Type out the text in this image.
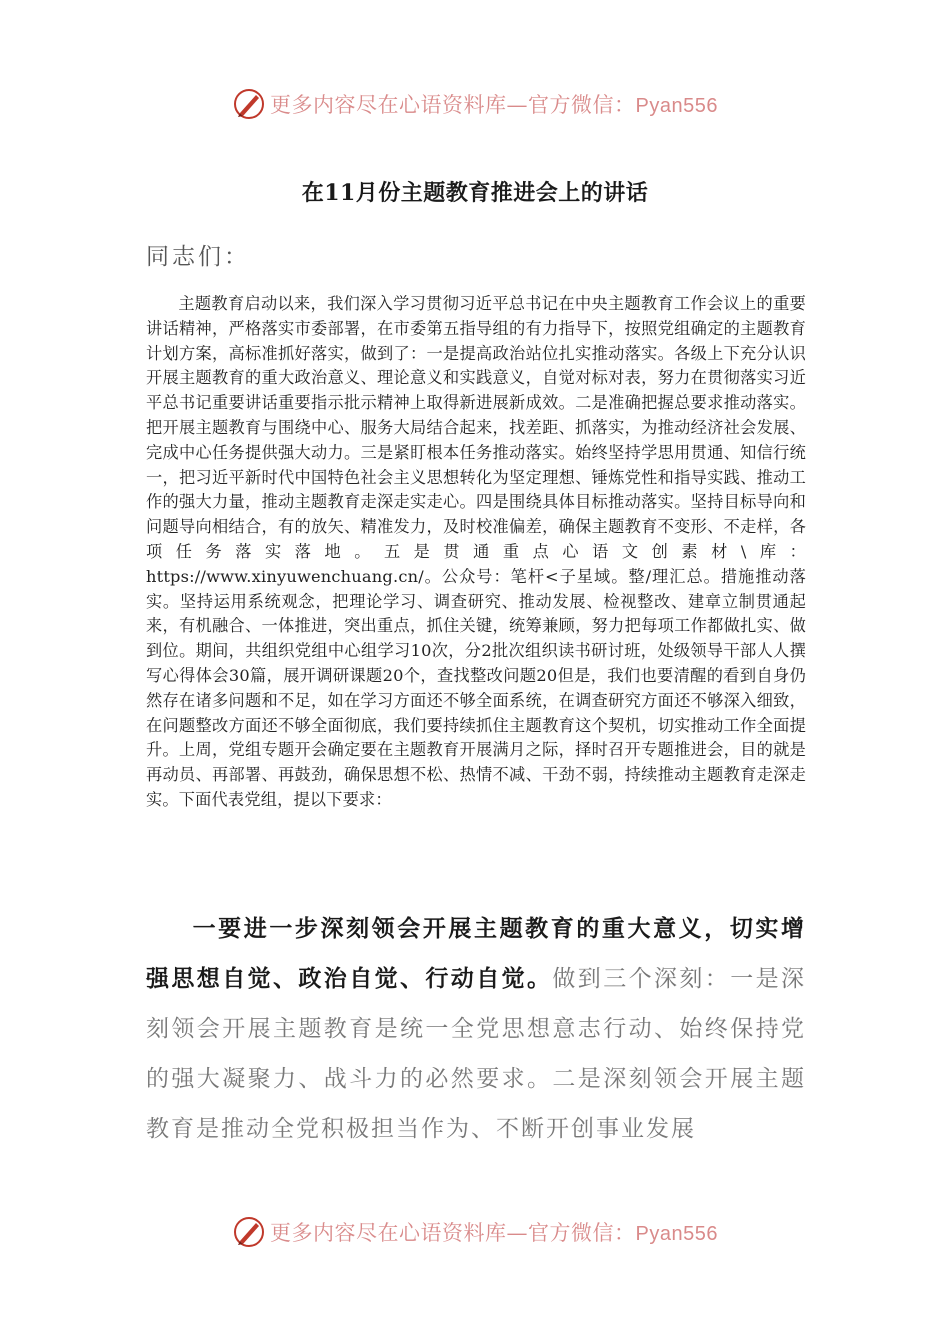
更多内容尽在心语资料库—官方微信：Pyan556
在11月份主题教育推进会上的讲话
同志们：
主题教育启动以来，我们深入学习贯彻习近平总书记在中央主题教育工作会议上的重要讲话精神，严格落实市委部署，在市委第五指导组的有力指导下，按照党组确定的主题教育计划方案，高标准抓好落实，做到了：一是提高政治站位扎实推动落实。各级上下充分认识开展主题教育的重大政治意义、理论意义和实践意义，自觉对标对表，努力在贯彻落实习近平总书记重要讲话重要指示批示精神上取得新进展新成效。二是准确把握总要求推动落实。把开展主题教育与围绕中心、服务大局结合起来，找差距、抓落实，为推动经济社会发展、完成中心任务提供强大动力。三是紧盯根本任务推动落实。始终坚持学思用贯通、知信行统一，把习近平新时代中国特色社会主义思想转化为坚定理想、锤炼党性和指导实践、推动工作的强大力量，推动主题教育走深走实走心。四是围绕具体目标推动落实。坚持目标导向和问题导向相结合，有的放矢、精准发力，及时校准偏差，确保主题教育不变形、不走样，各项任务落实落地。五是贯通重点心语文创素材\库：https://www.xinyuwenchuang.cn/。公众号：笔杆<子星域。整/理汇总。措施推动落实。坚持运用系统观念，把理论学习、调查研究、推动发展、检视整改、建章立制贯通起来，有机融合、一体推进，突出重点，抓住关键，统筹兼顾，努力把每项工作都做扎实、做到位。期间，共组织党组中心组学习10次，分2批次组织读书研讨班，处级领导干部人人撰写心得体会30篇，展开调研课题20个，查找整改问题20但是，我们也要清醒的看到自身仍然存在诸多问题和不足，如在学习方面还不够全面系统，在调查研究方面还不够深入细致，在问题整改方面还不够全面彻底，我们要持续抓住主题教育这个契机，切实推动工作全面提升。上周，党组专题开会确定要在主题教育开展满月之际，择时召开专题推进会，目的就是再动员、再部署、再鼓劲，确保思想不松、热情不减、干劲不弱，持续推动主题教育走深走实。下面代表党组，提以下要求：
一要进一步深刻领会开展主题教育的重大意义，切实增强思想自觉、政治自觉、行动自觉。做到三个深刻：一是深刻领会开展主题教育是统一全党思想意志行动、始终保持党的强大凝聚力、战斗力的必然要求。二是深刻领会开展主题教育是推动全党积极担当作为、不断开创事业发展
更多内容尽在心语资料库—官方微信：Pyan556
